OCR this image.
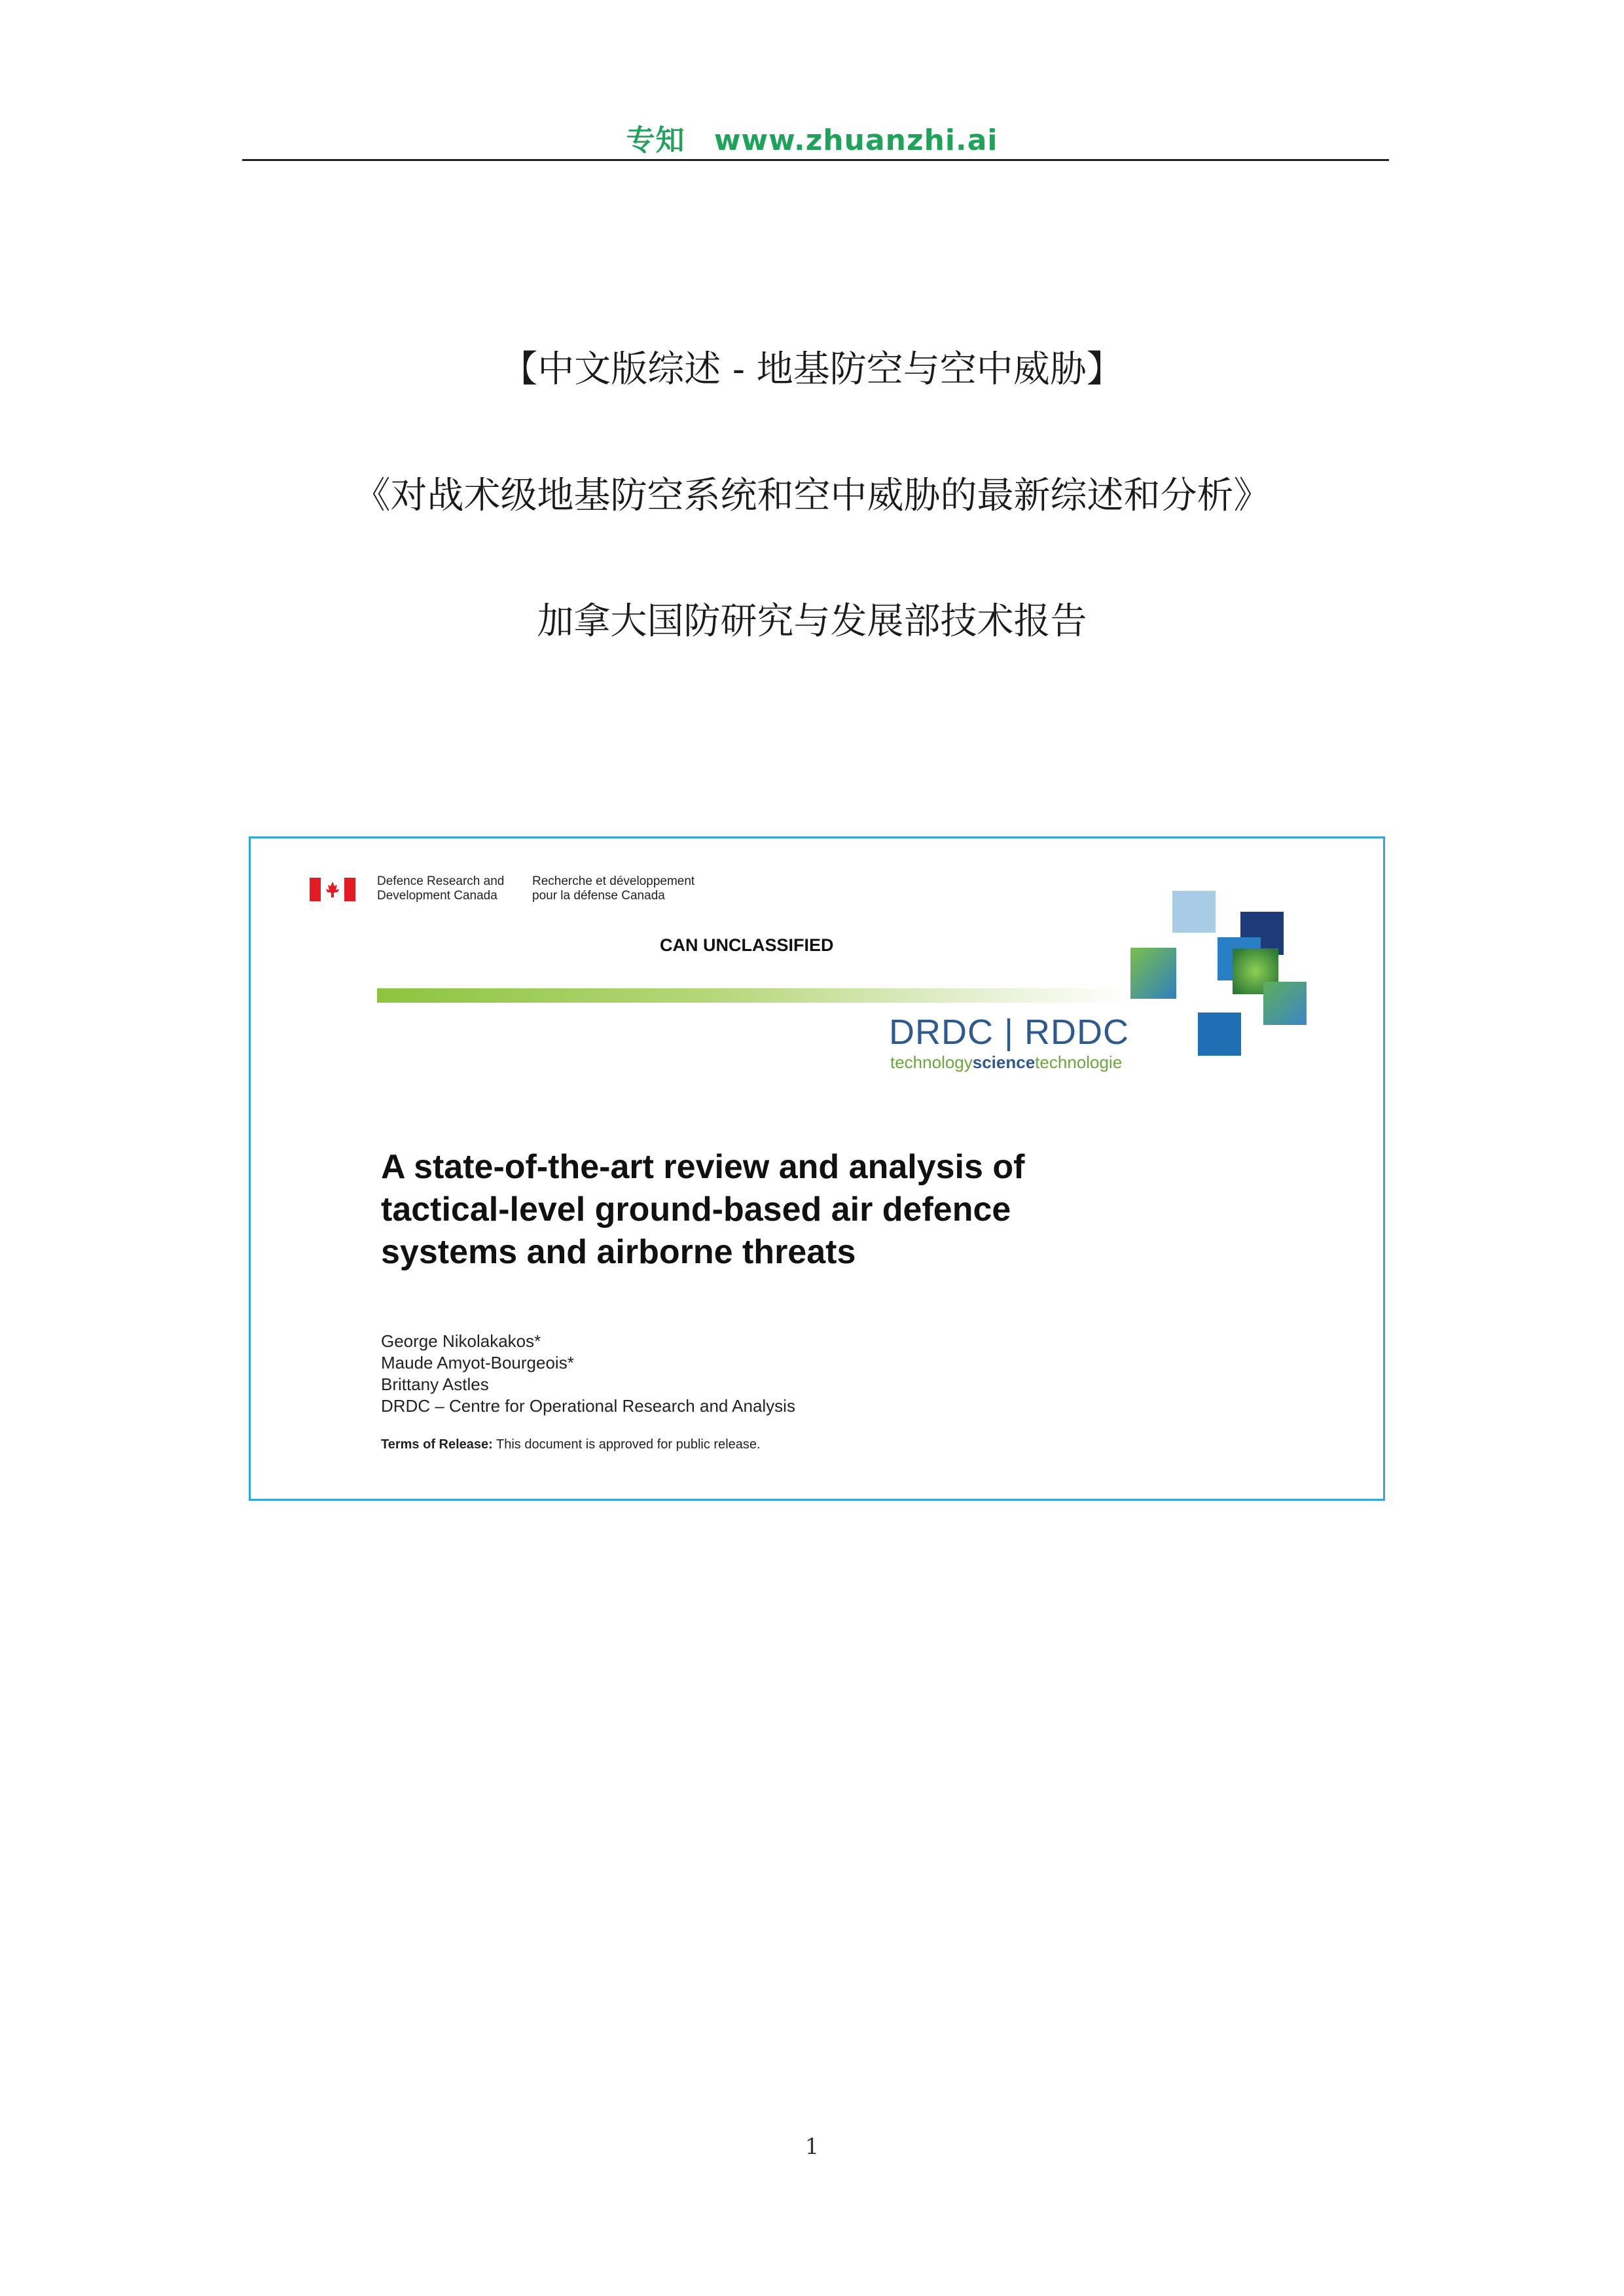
专知 www.zhuanzhi.ai
【中文版综述 - 地基防空与空中威胁】
《对战术级地基防空系统和空中威胁的最新综述和分析》
加拿大国防研究与发展部技术报告
Defence Research and
Development Canada
Recherche et développement
pour la défense Canada
CAN UNCLASSIFIED
DRDC | RDDC
technologysciencetechnologie
A state-of-the-art review and analysis of
tactical-level ground-based air defence
systems and airborne threats
George Nikolakakos*
Maude Amyot-Bourgeois*
Brittany Astles
DRDC – Centre for Operational Research and Analysis
Terms of Release: This document is approved for public release.
1
